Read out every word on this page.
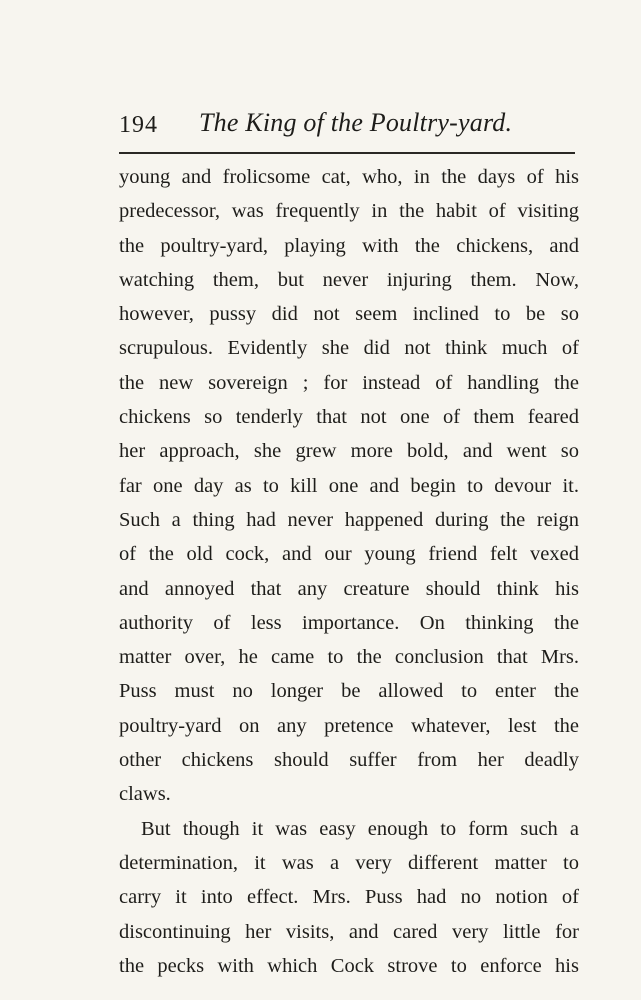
194 The King of the Poultry-yard.
young and frolicsome cat, who, in the days of his
predecessor, was frequently in the habit of visiting
the poultry-yard, playing with the chickens, and
watching them, but never injuring them. Now,
however, pussy did not seem inclined to be so
scrupulous. Evidently she did not think much of
the new sovereign ; for instead of handling the
chickens so tenderly that not one of them feared
her approach, she grew more bold, and went so
far one day as to kill one and begin to devour it.
Such a thing had never happened during the reign
of the old cock, and our young friend felt vexed
and annoyed that any creature should think his
authority of less importance. On thinking the
matter over, he came to the conclusion that Mrs.
Puss must no longer be allowed to enter the
poultry-yard on any pretence whatever, lest the
other chickens should suffer from her deadly
claws.
But though it was easy enough to form such a
determination, it was a very different matter to
carry it into effect. Mrs. Puss had no notion of
discontinuing her visits, and cared very little for
the pecks with which Cock strove to enforce his
